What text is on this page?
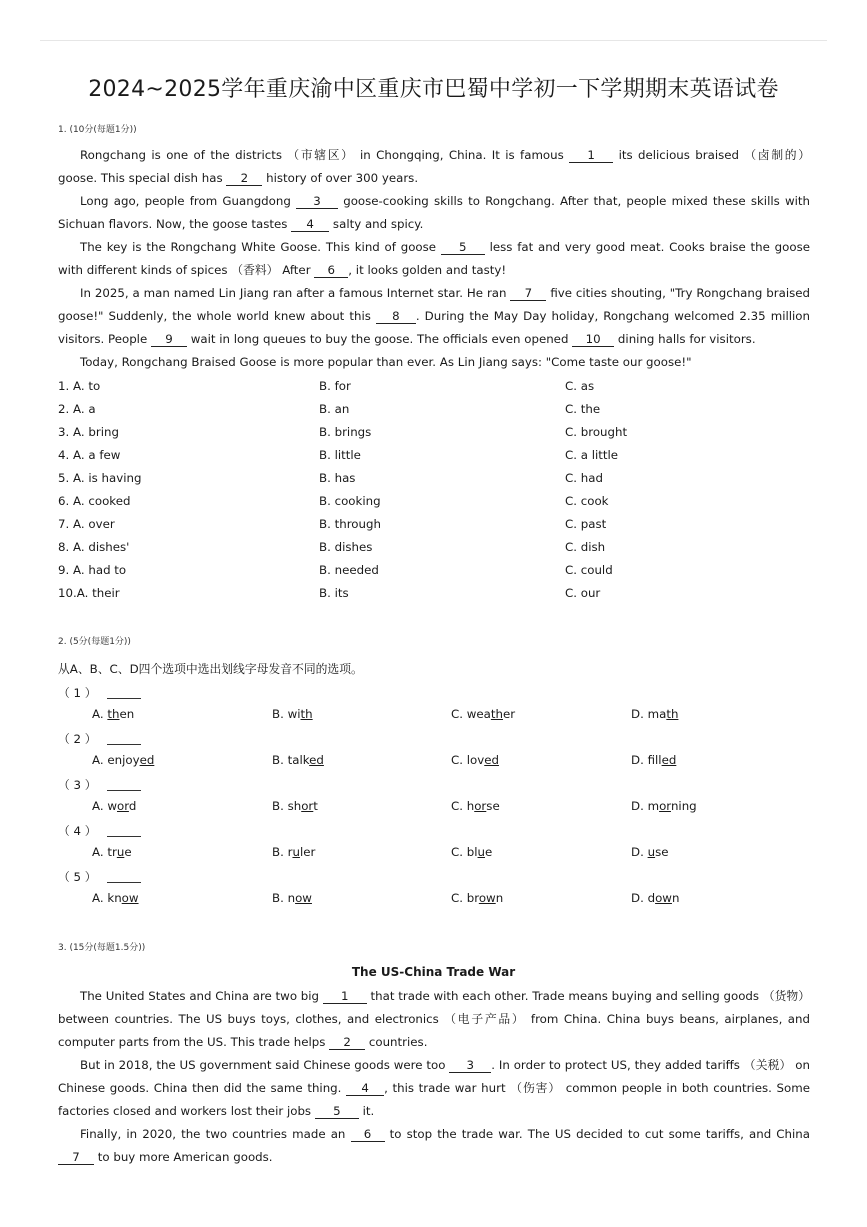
2024~2025学年重庆渝中区重庆市巴蜀中学初一下学期期末英语试卷
1. (10分(每题1分))

Rongchang is one of the districts （市辖区） in Chongqing, China. It is famous 1 its delicious braised （卤制的） goose. This special dish has 2 history of over 300 years.

Long ago, people from Guangdong 3 goose-cooking skills to Rongchang. After that, people mixed these skills with Sichuan flavors. Now, the goose tastes 4 salty and spicy.

The key is the Rongchang White Goose. This kind of goose 5 less fat and very good meat. Cooks braise the goose with different kinds of spices （香料） After 6 , it looks golden and tasty!

In 2025, a man named Lin Jiang ran after a famous Internet star. He ran 7 five cities shouting, "Try Rongchang braised goose!" Suddenly, the whole world knew about this 8 . During the May Day holiday, Rongchang welcomed 2.35 million visitors. People 9 wait in long queues to buy the goose. The officials even opened 10 dining halls for visitors.

Today, Rongchang Braised Goose is more popular than ever. As Lin Jiang says: "Come taste our goose!"

1. A. to	B. for	C. as
2. A. a	B. an	C. the
3. A. bring	B. brings	C. brought
4. A. a few	B. little	C. a little
5. A. is having	B. has	C. had
6. A. cooked	B. cooking	C. cook
7. A. over	B. through	C. past
8. A. dishes'	B. dishes	C. dish
9. A. had to	B. needed	C. could
10.A. their	B. its	C. our
2. (5分(每题1分))
从A、B、C、D四个选项中选出划线字母发音不同的选项。
（ 1 ）
A. then	B. with	C. weather	D. math
（ 2 ）
A. enjoyed	B. talked	C. loved	D. filled
（ 3 ）
A. word	B. short	C. horse	D. morning
（ 4 ）
A. true	B. ruler	C. blue	D. use
（ 5 ）
A. know	B. now	C. brown	D. down
3. (15分(每题1.5分))
The US-China Trade War

The United States and China are two big 1 that trade with each other. Trade means buying and selling goods （货物） between countries. The US buys toys, clothes, and electronics （电子产品） from China. China buys beans, airplanes, and computer parts from the US. This trade helps 2 countries.

But in 2018, the US government said Chinese goods were too 3 . In order to protect US, they added tariffs （关税） on Chinese goods. China then did the same thing. 4 , this trade war hurt （伤害） common people in both countries. Some factories closed and workers lost their jobs 5 it.

Finally, in 2020, the two countries made an 6 to stop the trade war. The US decided to cut some tariffs, and China 7 to buy more American goods.
